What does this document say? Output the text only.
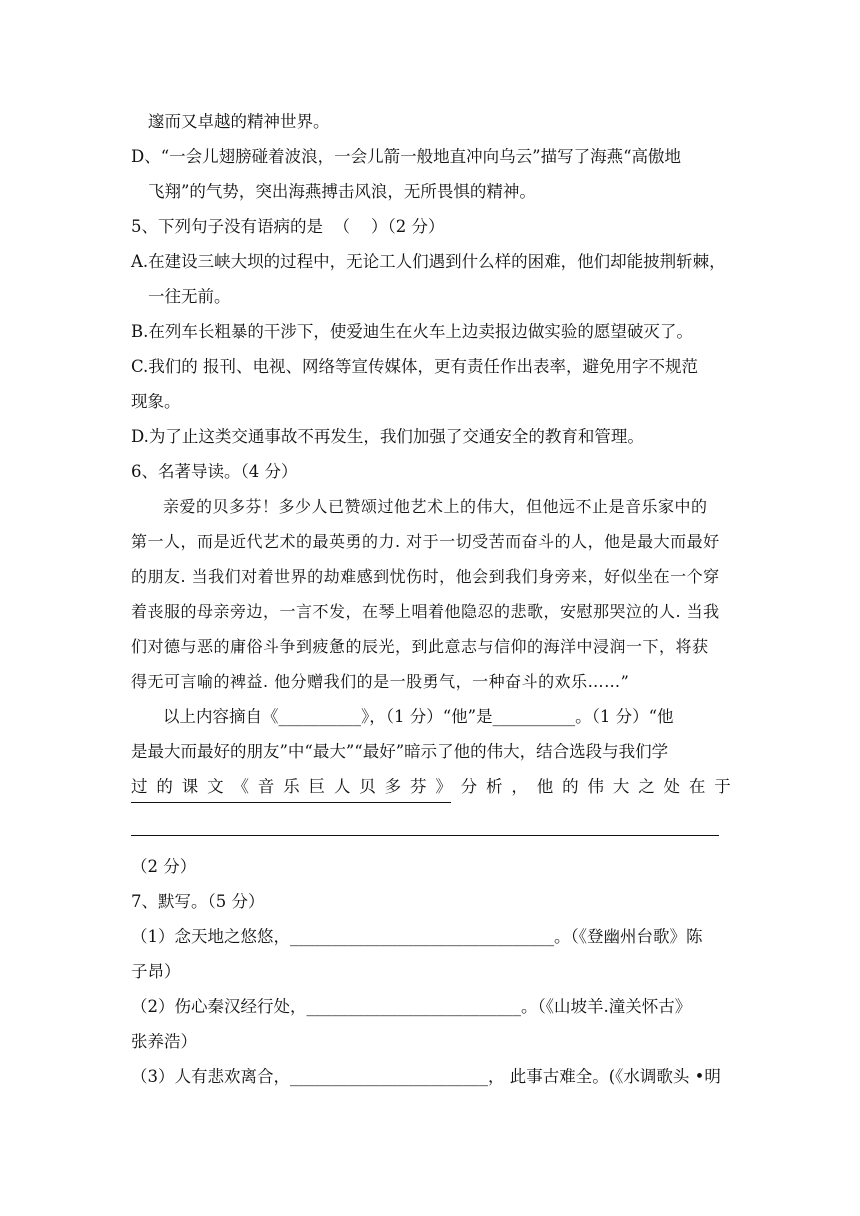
邃而又卓越的精神世界。
D、“一会儿翅膀碰着波浪，一会儿箭一般地直冲向乌云”描写了海燕“高傲地
飞翔”的气势，突出海燕搏击风浪，无所畏惧的精神。
5、下列句子没有语病的是  （    ）（2 分）
A.在建设三峡大坝的过程中，无论工人们遇到什么样的困难，他们却能披荆斩棘，
一往无前。
B.在列车长粗暴的干涉下，使爱迪生在火车上边卖报边做实验的愿望破灭了。
C.我们的 报刊、电视、网络等宣传媒体，更有责任作出表率，避免用字不规范
现象。
D.为了止这类交通事故不再发生，我们加强了交通安全的教育和管理。
6、名著导读。（4 分）
亲爱的贝多芬！多少人已赞颂过他艺术上的伟大，但他远不止是音乐家中的
第一人，而是近代艺术的最英勇的力. 对于一切受苦而奋斗的人，他是最大而最好
的朋友. 当我们对着世界的劫难感到忧伤时，他会到我们身旁来，好似坐在一个穿
着丧服的母亲旁边，一言不发，在琴上唱着他隐忍的悲歌，安慰那哭泣的人. 当我
们对德与恶的庸俗斗争到疲惫的辰光，到此意志与信仰的海洋中浸润一下，将获
得无可言喻的裨益. 他分赠我们的是一股勇气，一种奋斗的欢乐……”
以上内容摘自《__________》，（1 分）“他”是__________。（1 分）“他
是最大而最好的朋友”中“最大”“最好”暗示了他的伟大，结合选段与我们学
过 的 课 文 《 音 乐 巨 人 贝 多 芬 》 分 析 ， 他 的 伟 大 之 处 在 于
（2 分）
7、默写。（5 分）
（1）念天地之悠悠，________________________________。（《登幽州台歌》陈
子昂）
（2）伤心秦汉经行处，__________________________。（《山坡羊.潼关怀古》
张养浩）
（3）人有悲欢离合，________________________， 此事古难全。(《水调歌头 •明
